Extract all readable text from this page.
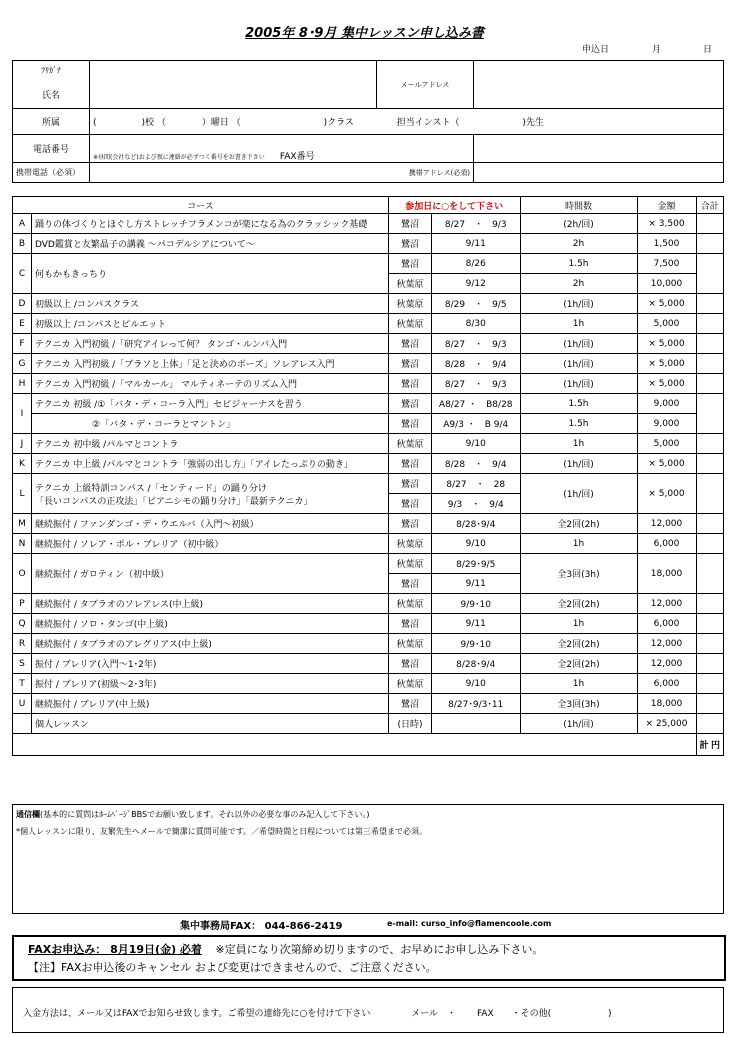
2005年 8･9月 集中レッスン申し込み書
申込日	月	日
ﾌﾘｶﾞﾅ
氏名		メールアドレス	
所属	(　　　　　)校 （　　　　）曜日 （ )クラス 担当インスト（ )先生		
電話番号	※昼間(会社など)および夜に連絡が必ずつく番号をお書き下さい FAX番号		
携帯電話（必須）	携帯アドレス(必須)		
コース		参加日に○をして下さい		時間数	金額	合計
A	踊りの体づくりとほぐし方ストレッチフラメンコが楽になる為のクラッシック基礎	鷺沼	8/27　・　9/3	(2h/回)	× 3,500	
B	DVD鑑賞と友繁晶子の講義 ～パコデルシアについて～	鷺沼	9/11	2h	1,500	
C	何もかもきっちり	鷺沼	8/26	1.5h	7,500	
		秋葉原	9/12	2h	10,000	
D	初級以上 /コンパスクラス	秋葉原	8/29　・　9/5	(1h/回)	× 5,000	
E	初級以上 /コンパスとピルエット	秋葉原	8/30	1h	5,000	
F	テクニカ 入門初級 /「研究アイレって何？ タンゴ・ルンバ入門	鷺沼	8/27　・　9/3	(1h/回)	× 5,000	
G	テクニカ 入門初級 /「ブラソと上体」「足と決めのポーズ」ソレアレス入門	鷺沼	8/28　・　9/4	(1h/回)	× 5,000	
H	テクニカ 入門初級 /「マルカール」 マルティネーテのリズム入門	鷺沼	8/27　・　9/3	(1h/回)	× 5,000	
I	テクニカ 初級 /①「バタ・デ・コーラ入門」セビジャーナスを習う	鷺沼	A8/27 ・　B8/28	1.5h	9,000	
	②「バタ・デ・コーラとマントン」	鷺沼	A9/3 ・　B 9/4	1.5h	9,000	
J	テクニカ 初中級 /パルマとコントラ	秋葉原	9/10	1h	5,000	
K	テクニカ 中上級 /パルマとコントラ「強弱の出し方」「アイレたっぷりの動き」	鷺沼	8/28　・　9/4	(1h/回)	× 5,000	
L	テクニカ 上級特訓コンパス /「センティード」の踊り分け
「長いコンパスの正攻法」「ピアニシモの踊り分け」「最新テクニカ」	鷺沼	8/27　・　28	(1h/回)	× 5,000	
		鷺沼	9/3　・　9/4			
M	継続振付 / ファンダンゴ・デ・ウエルバ（入門～初級）	鷺沼	8/28･9/4	全2回(2h)	12,000	
N	継続振付 / ソレア・ポル・ブレリア（初中級）	秋葉原	9/10	1h	6,000	
O	継続振付 / ガロティン（初中級）	秋葉原	8/29･9/5	全3回(3h)	18,000	
		鷺沼	9/11			
P	継続振付 / タブラオのソレアレス(中上級)	秋葉原	9/9･10	全2回(2h)	12,000	
Q	継続振付 / ソロ・タンゴ(中上級)	鷺沼	9/11	1h	6,000	
R	継続振付 / タブラオのアレグリアス(中上級)	秋葉原	9/9･10	全2回(2h)	12,000	
S	振付 / ブレリア(入門～1･2年)	鷺沼	8/28･9/4	全2回(2h)	12,000	
T	振付 / ブレリア(初級～2･3年)	秋葉原	9/10	1h	6,000	
U	継続振付 / ブレリア(中上級)	鷺沼	8/27･9/3･11	全3回(3h)	18,000	
	個人レッスン	(日時)		(1h/回)	× 25,000	
						計 円
通信欄(基本的に質問はﾎｰﾑﾍﾟｰｼﾞBBSでお願い致します。それ以外の必要な事のみ記入して下さい。)
*個人レッスンに限り、友繁先生へメールで簡潔に質問可能です。／希望時間と日程については第三希望まで必須。
集中事務局FAX： 044-866-2419	e-mail: curso_info@flamencoole.com
FAXお申込み： 8月19日(金) 必着 ※定員になり次第締め切りますので、お早めにお申し込み下さい。
【注】FAXお申込後のキャンセル および変更はできませんので、ご注意ください。
入金方法は、メール又はFAXでお知らせ致します。ご希望の連絡先に○を付けて下さい	メール　・ FAX　　・その他(	)
